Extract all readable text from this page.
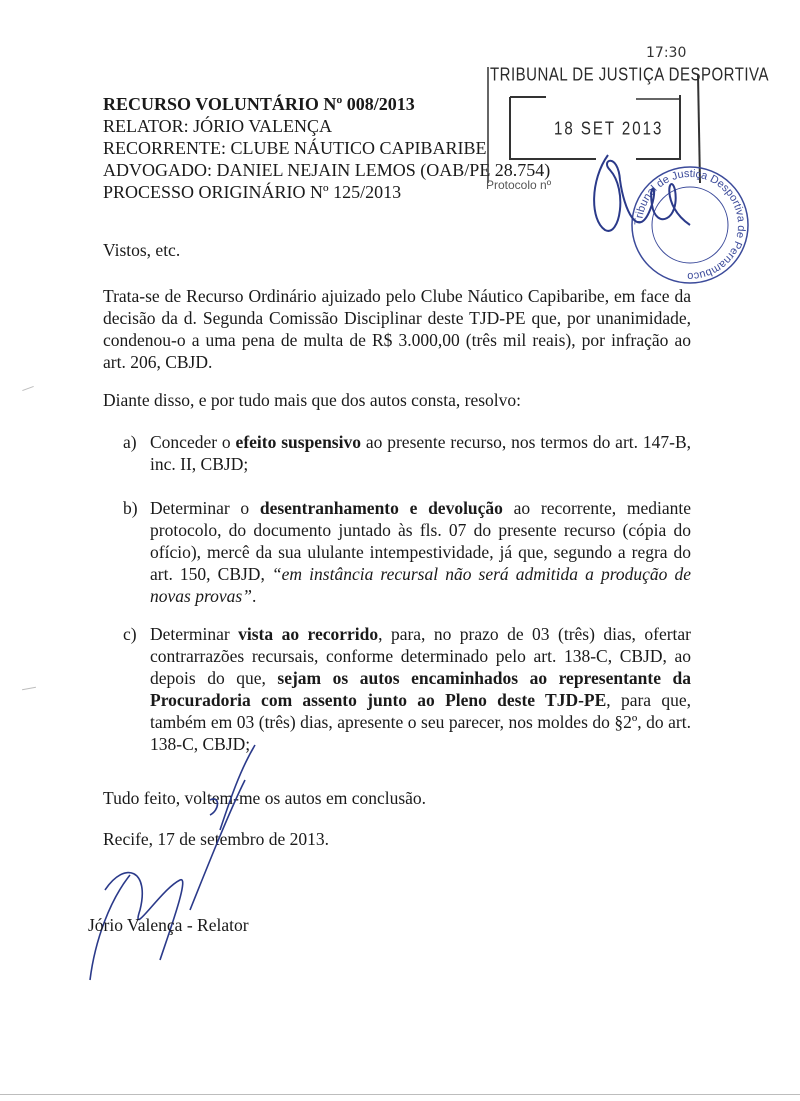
RECURSO VOLUNTÁRIO Nº 008/2013
RELATOR: JÓRIO VALENÇA
RECORRENTE: CLUBE NÁUTICO CAPIBARIBE
ADVOGADO: DANIEL NEJAIN LEMOS (OAB/PE 28.754)
PROCESSO ORIGINÁRIO Nº 125/2013
17:30
TRIBUNAL DE JUSTIÇA DESPORTIVA
18 SET 2013
Protocolo nº
Tribunal de Justiça Desportiva de Pernambuco
Vistos, etc.
Trata-se de Recurso Ordinário ajuizado pelo Clube Náutico Capibaribe, em face da decisão da d. Segunda Comissão Disciplinar deste TJD-PE que, por unanimidade, condenou-o a uma pena de multa de R$ 3.000,00 (três mil reais), por infração ao art. 206, CBJD.
Diante disso, e por tudo mais que dos autos consta, resolvo:
a) Conceder o efeito suspensivo ao presente recurso, nos termos do art. 147-B, inc. II, CBJD;
b) Determinar o desentranhamento e devolução ao recorrente, mediante protocolo, do documento juntado às fls. 07 do presente recurso (cópia do ofício), mercê da sua ululante intempestividade, já que, segundo a regra do art. 150, CBJD, “em instância recursal não será admitida a produção de novas provas”.
c) Determinar vista ao recorrido, para, no prazo de 03 (três) dias, ofertar contrarrazões recursais, conforme determinado pelo art. 138-C, CBJD, ao depois do que, sejam os autos encaminhados ao representante da Procuradoria com assento junto ao Pleno deste TJD-PE, para que, também em 03 (três) dias, apresente o seu parecer, nos moldes do §2º, do art. 138-C, CBJD;
Tudo feito, voltem-me os autos em conclusão.
Recife, 17 de setembro de 2013.
Jório Valença - Relator
